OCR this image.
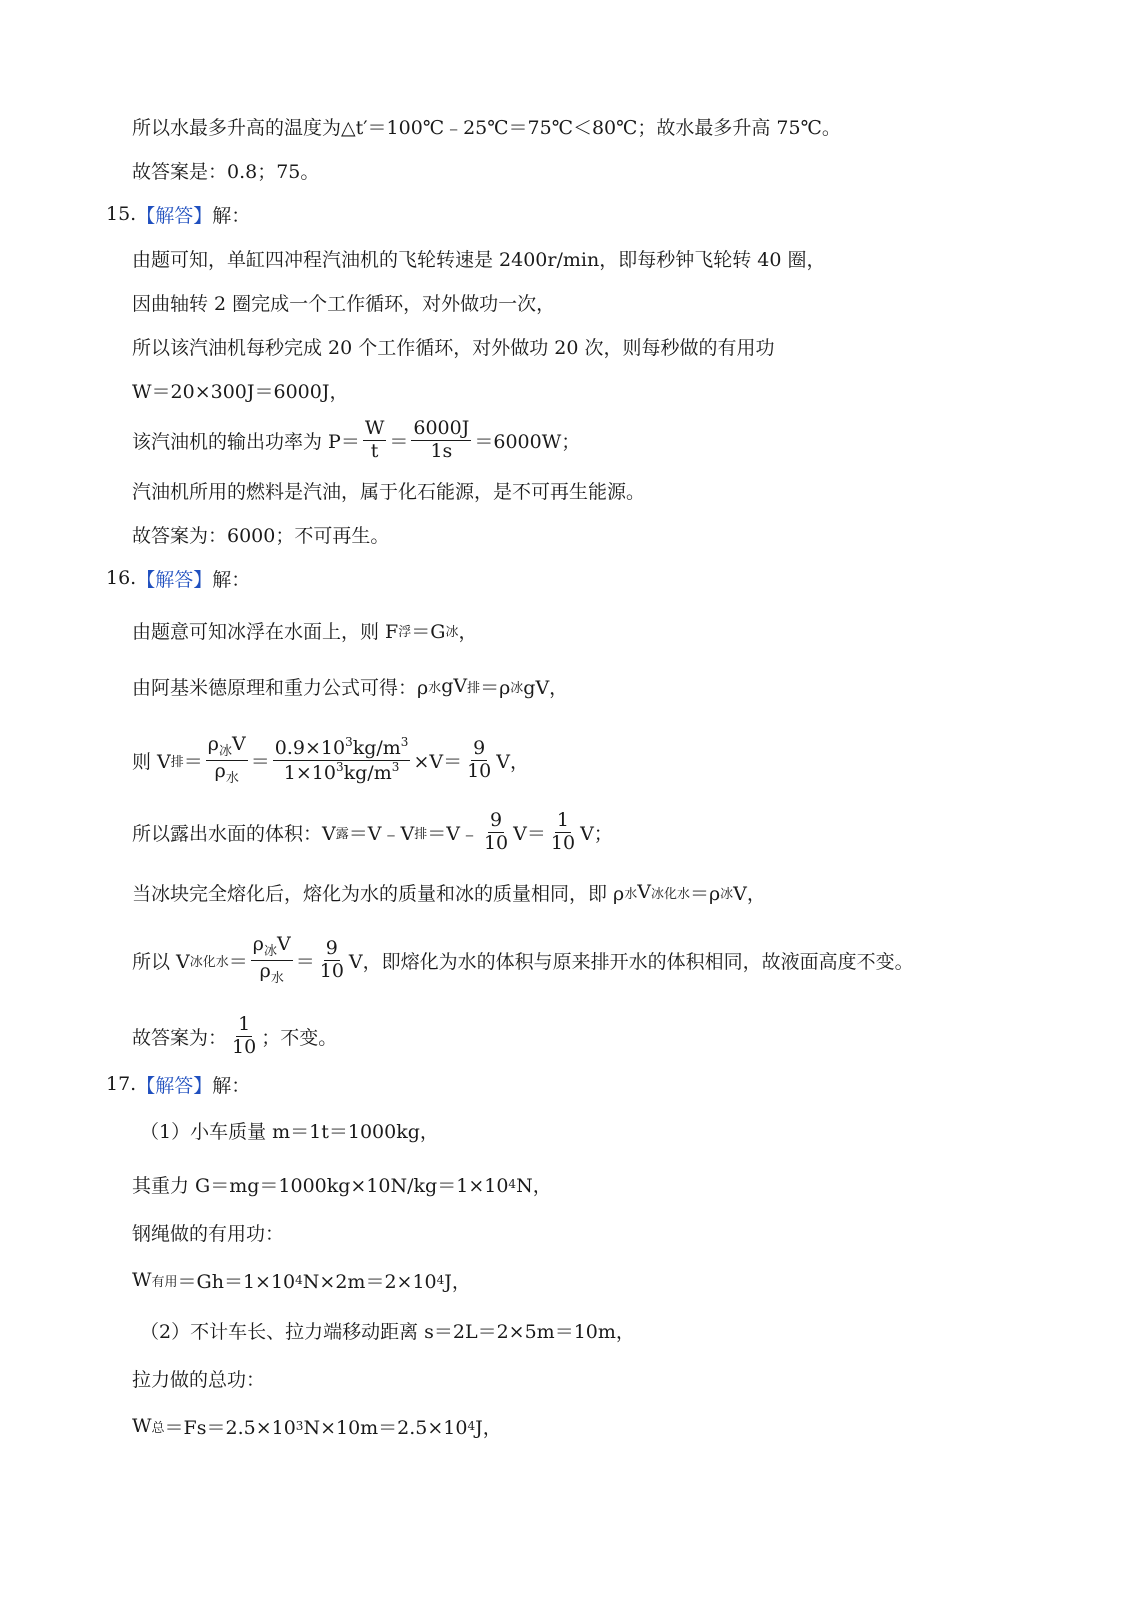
所以水最多升高的温度为△t′＝100℃﹣25℃＝75℃＜80℃；故水最多升高 75℃。
故答案是：0.8；75。
15. 【解答】 解：
由题可知，单缸四冲程汽油机的飞轮转速是 2400r/min，即每秒钟飞轮转 40 圈，
因曲轴转 2 圈完成一个工作循环，对外做功一次，
所以该汽油机每秒完成 20 个工作循环，对外做功 20 次，则每秒做的有用功
W＝20×300J＝6000J，
该汽油机的输出功率为 $P= \frac{W}{t} = \frac{6000J}{1s} =6000W$；
汽油机所用的燃料是汽油，属于化石能源，是不可再生能源。
故答案为：6000；不可再生。
16. 【解答】 解：
由题意可知冰浮在水面上，则 F 浮 ＝G 冰 ，
由阿基米德原理和重力公式可得：ρ 水 gV 排 ＝ρ 冰 gV，
则 V 排 ＝ $\frac{\rho_冰V}{\rho_水} = \frac{0.9\times 10^3kg/m^3}{1\times 10^3kg/m^3} \times V= \frac{9}{10}$ V，
所以露出水面的体积：V 露 ＝V﹣V 排 ＝V﹣ $\frac{9}{10} V= \frac{1}{10}$ V；
当冰块完全熔化后，熔化为水的质量和冰的质量相同，即 ρ 水 V 冰化水 ＝ρ 冰 V，
所以 V 冰化水 ＝ $\frac{\rho_冰V}{\rho_水} = \frac{9}{10}$ V，即熔化为水的体积与原来排开水的体积相同，故液面高度不变。
故答案为： $\frac{1}{10}$ ；不变。
17. 【解答】 解：
（1）小车质量 m＝1t＝1000kg，
其重力 G＝mg＝1000kg×10N/kg＝1×10 4 N，
钢绳做的有用功：
W 有用 ＝Gh＝1×10 4 N×2m＝2×10 4 J，
（2）不计车长、拉力端移动距离 s＝2L＝2×5m＝10m，
拉力做的总功：
W 总 ＝Fs＝2.5×10 3 N×10m＝2.5×10 4 J，
